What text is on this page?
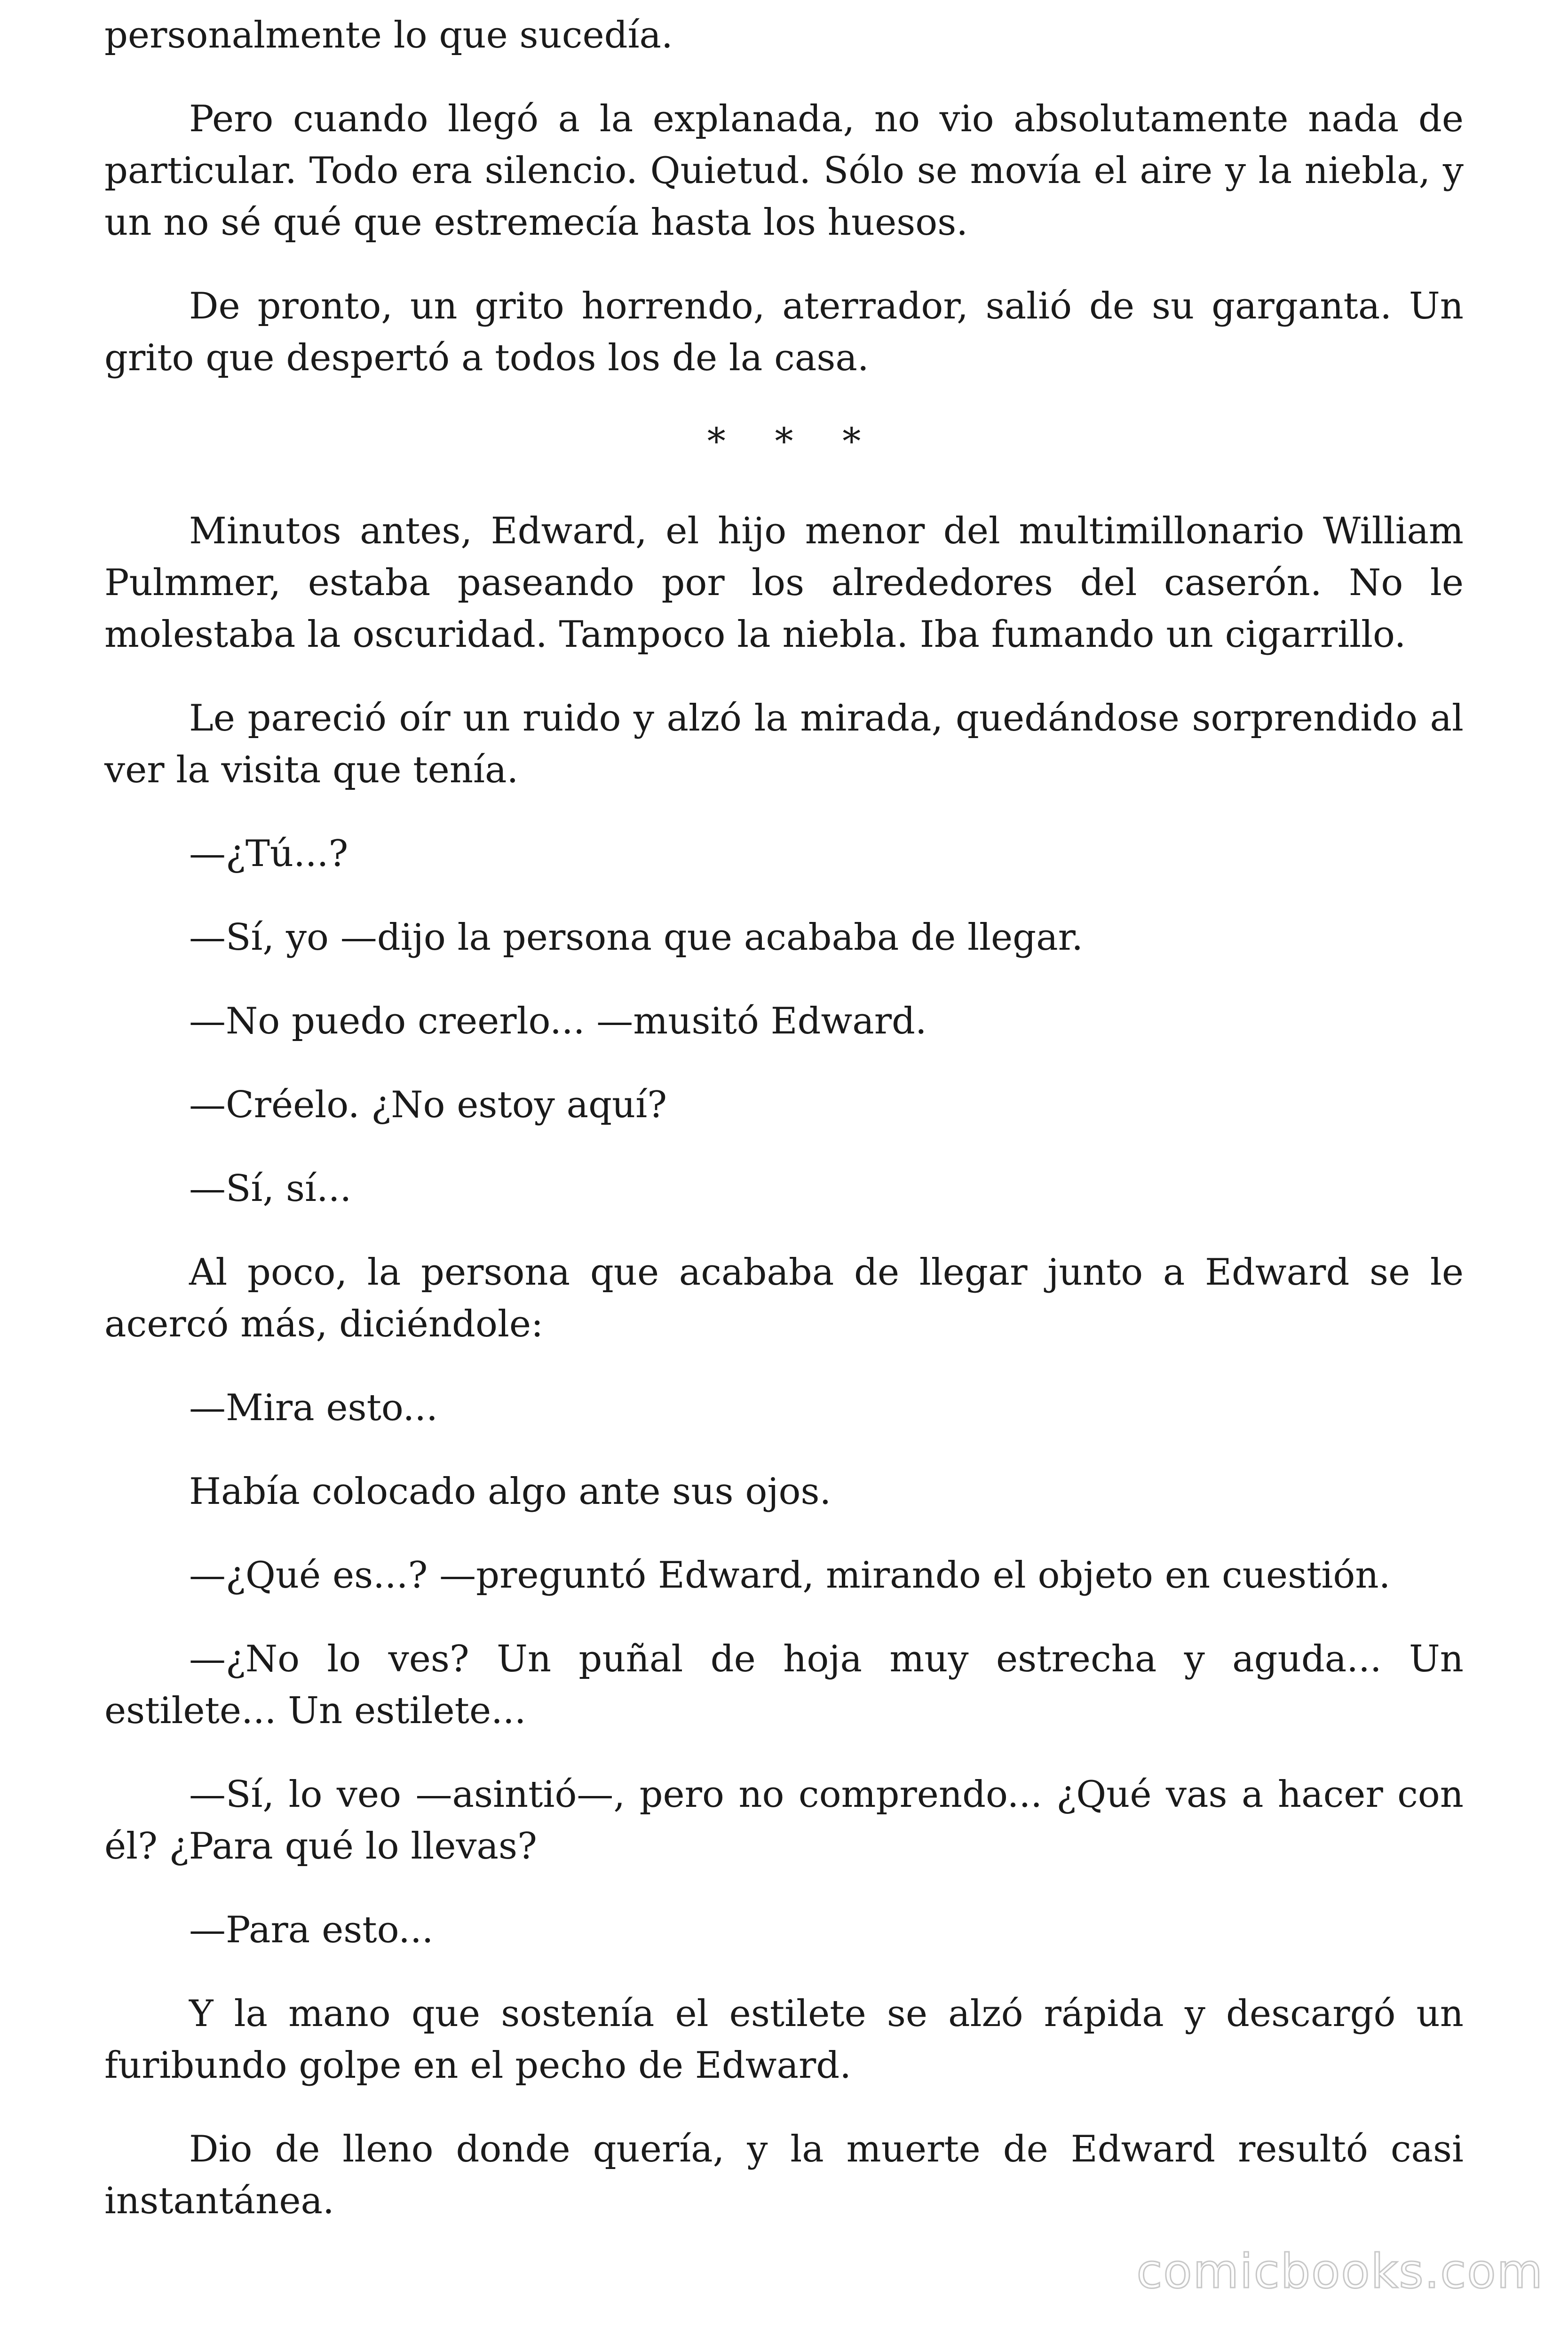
personalmente lo que sucedía.

Pero cuando llegó a la explanada, no vio absolutamente nada de particular. Todo era silencio. Quietud. Sólo se movía el aire y la niebla, y un no sé qué que estremecía hasta los huesos.

De pronto, un grito horrendo, aterrador, salió de su garganta. Un grito que despertó a todos los de la casa.

* * *

Minutos antes, Edward, el hijo menor del multimillonario William Pulmmer, estaba paseando por los alrededores del caserón. No le molestaba la oscuridad. Tampoco la niebla. Iba fumando un cigarrillo.

Le pareció oír un ruido y alzó la mirada, quedándose sorprendido al ver la visita que tenía.

—¿Tú...?

—Sí, yo —dijo la persona que acababa de llegar.

—No puedo creerlo... —musitó Edward.

—Créelo. ¿No estoy aquí?

—Sí, sí...

Al poco, la persona que acababa de llegar junto a Edward se le acercó más, diciéndole:

—Mira esto...

Había colocado algo ante sus ojos.

—¿Qué es...? —preguntó Edward, mirando el objeto en cuestión.

—¿No lo ves? Un puñal de hoja muy estrecha y aguda... Un estilete... Un estilete...

—Sí, lo veo —asintió—, pero no comprendo... ¿Qué vas a hacer con él? ¿Para qué lo llevas?

—Para esto...

Y la mano que sostenía el estilete se alzó rápida y descargó un furibundo golpe en el pecho de Edward.

Dio de lleno donde quería, y la muerte de Edward resultó casi instantánea.

comicbooks.com
